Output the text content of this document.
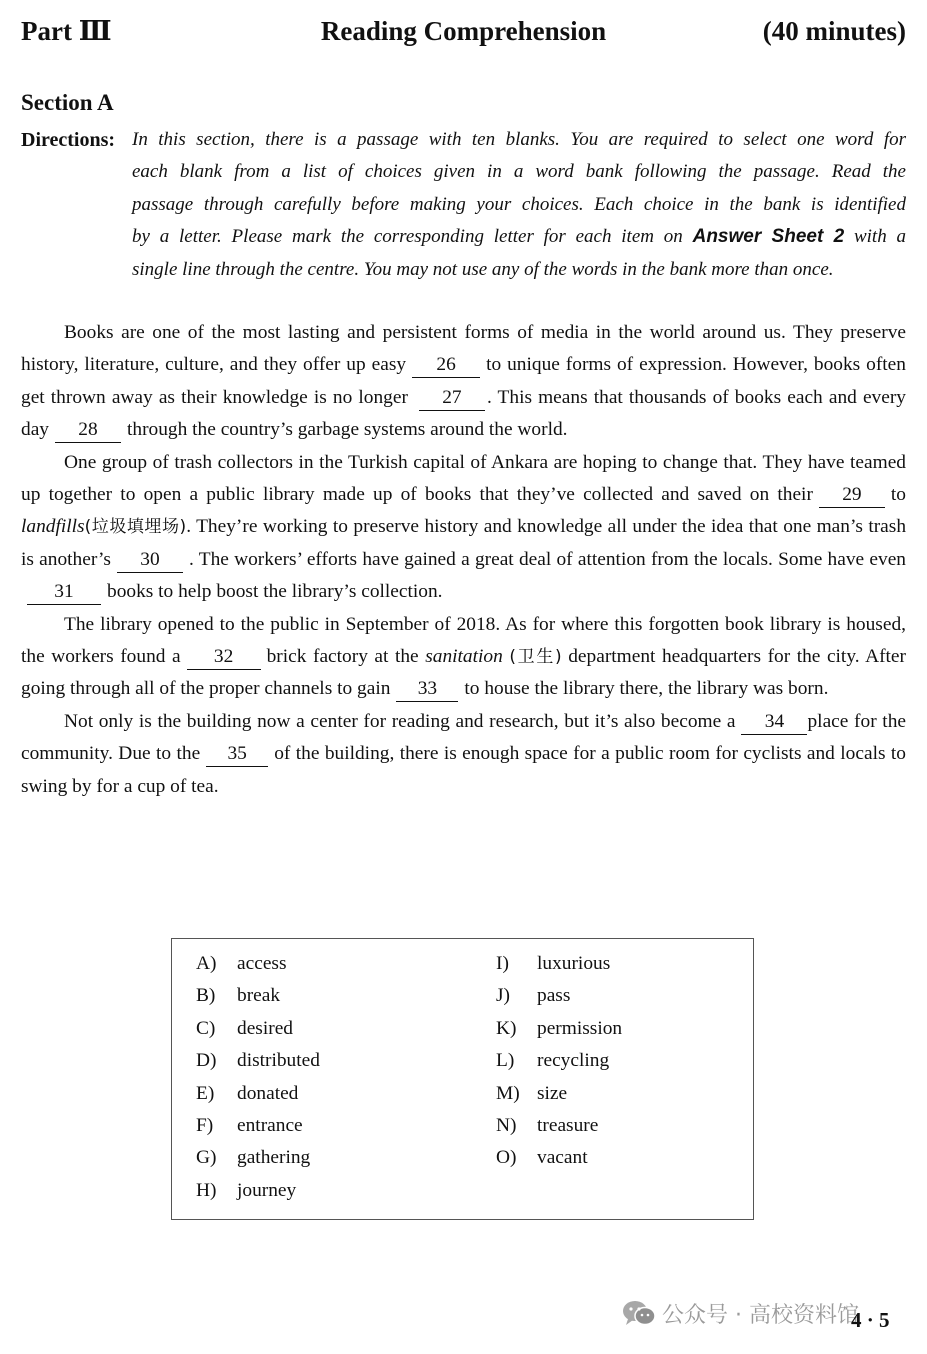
Part Ⅲ	Reading Comprehension	(40 minutes)
Section A
Directions: In this section, there is a passage with ten blanks. You are required to select one word for
each blank from a list of choices given in a word bank following the passage. Read the
passage through carefully before making your choices. Each choice in the bank is identified
by a letter. Please mark the corresponding letter for each item on Answer Sheet 2 with a
single line through the centre. You may not use any of the words in the bank more than once.

Books are one of the most lasting and persistent forms of media in the world around us. They preserve history, literature, culture, and they offer up easy 26 to unique forms of expression. However, books often get thrown away as their knowledge is no longer 27 . This means that thousands of books each and every day 28 through the country’s garbage systems around the world.

One group of trash collectors in the Turkish capital of Ankara are hoping to change that. They have teamed up together to open a public library made up of books that they’ve collected and saved on their 29 to landfills(垃圾填埋场). They’re working to preserve history and knowledge all under the idea that one man’s trash is another’s 30 . The workers’ efforts have gained a great deal of attention from the locals. Some have even31 books to help boost the library’s collection.

The library opened to the public in September of 2018. As for where this forgotten book library is housed, the workers found a 32 brick factory at the sanitation (卫生) department headquarters for the city. After going through all of the proper channels to gain 33 to house the library there, the library was born.

Not only is the building now a center for reading and research, but it’s also become a 34 place for the community. Due to the 35 of the building, there is enough space for a public room for cyclists and locals to swing by for a cup of tea.

A) access
B) break
C) desired
D) distributed
E) donated
F) entrance
G) gathering
H) journey
I) luxurious
J) pass
K) permission
L) recycling
M) size
N) treasure
O) vacant
公众号 · 高校资料馆
4 · 5
